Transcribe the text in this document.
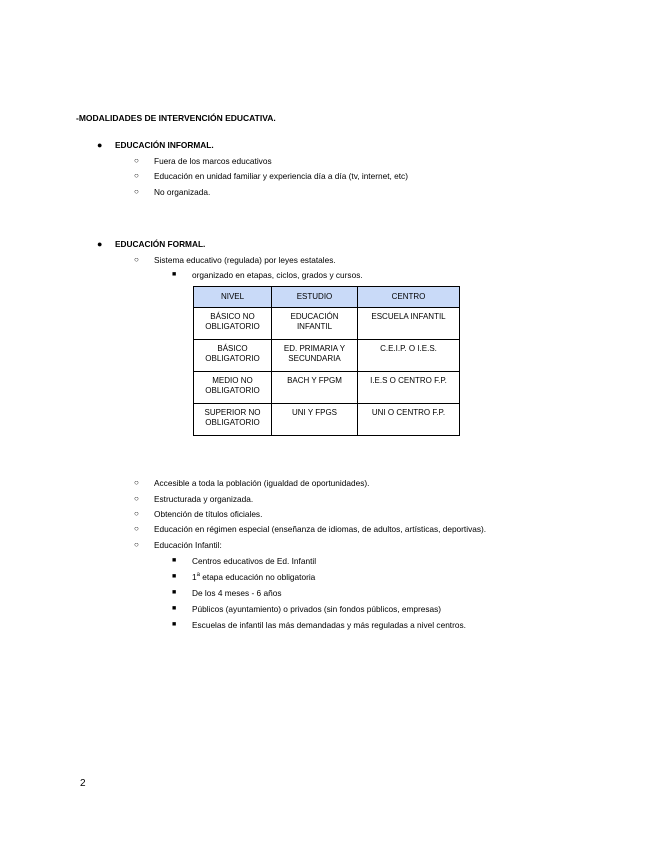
-MODALIDADES DE INTERVENCIÓN EDUCATIVA.
● EDUCACIÓN INFORMAL.
○ Fuera de los marcos educativos
○ Educación en unidad familiar y experiencia día a día (tv, internet, etc)
○ No organizada.
● EDUCACIÓN FORMAL.
○ Sistema educativo (regulada) por leyes estatales.
■ organizado en etapas, ciclos, grados y cursos.
NIVEL	ESTUDIO	CENTRO
BÁSICO NO OBLIGATORIO	EDUCACIÓN INFANTIL	ESCUELA INFANTIL
BÁSICO OBLIGATORIO	ED. PRIMARIA Y SECUNDARIA	C.E.I.P. O I.E.S.
MEDIO NO OBLIGATORIO	BACH Y FPGM	I.E.S O CENTRO F.P.
SUPERIOR NO OBLIGATORIO	UNI Y FPGS	UNI O CENTRO F.P.
○ Accesible a toda la población (igualdad de oportunidades).
○ Estructurada y organizada.
○ Obtención de títulos oficiales.
○ Educación en régimen especial (enseñanza de idiomas, de adultos, artísticas, deportivas).
○ Educación Infantil:
■ Centros educativos de Ed. Infantil
■ 1$^a$ etapa educación no obligatoria
■ De los 4 meses - 6 años
■ Públicos (ayuntamiento) o privados (sin fondos públicos, empresas)
■ Escuelas de infantil las más demandadas y más reguladas a nivel centros.
2
